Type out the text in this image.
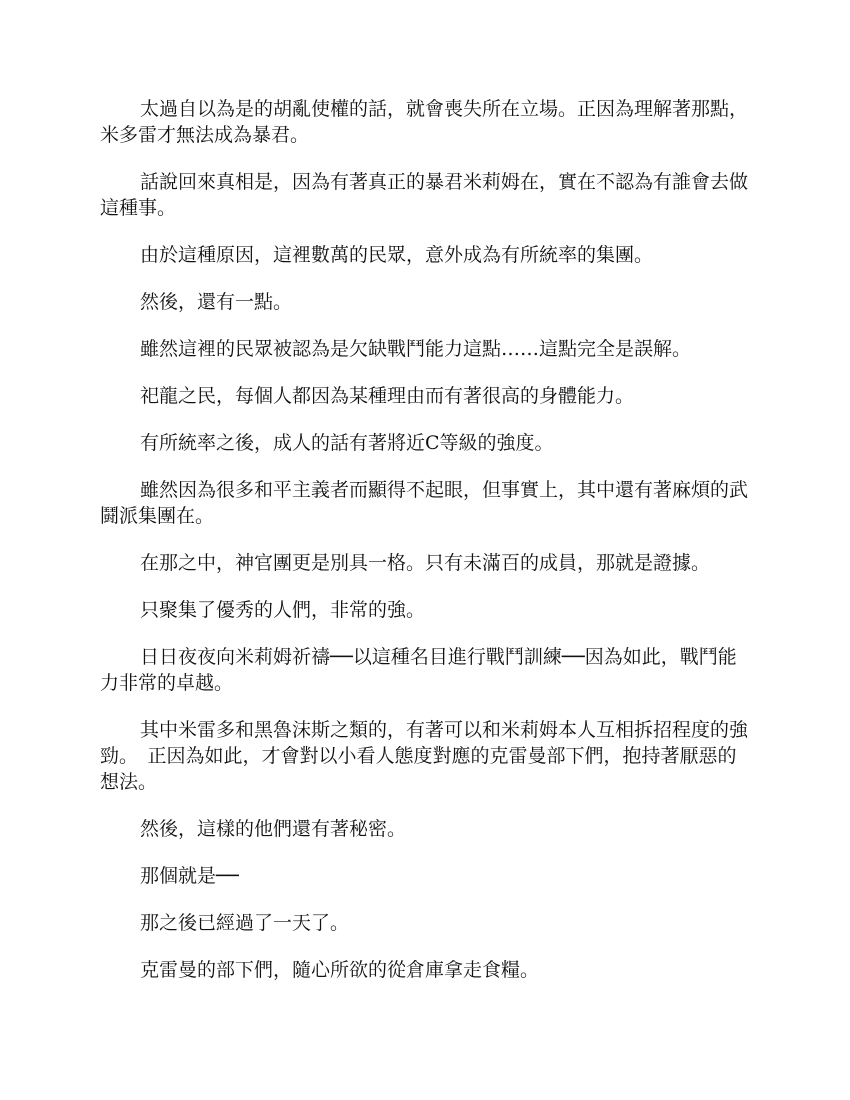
太過自以為是的胡亂使權的話，就會喪失所在立場。正因為理解著那點，米多雷才無法成為暴君。

話說回來真相是，因為有著真正的暴君米莉姆在，實在不認為有誰會去做這種事。

由於這種原因，這裡數萬的民眾，意外成為有所統率的集團。

然後，還有一點。

雖然這裡的民眾被認為是欠缺戰鬥能力這點……這點完全是誤解。

祀龍之民，每個人都因為某種理由而有著很高的身體能力。

有所統率之後，成人的話有著將近C等級的強度。

雖然因為很多和平主義者而顯得不起眼，但事實上，其中還有著麻煩的武鬪派集團在。

在那之中，神官團更是別具一格。只有未滿百的成員，那就是證據。

只聚集了優秀的人們，非常的強。

日日夜夜向米莉姆祈禱──以這種名目進行戰鬥訓練──因為如此，戰鬥能力非常的卓越。

其中米雷多和黑魯沫斯之類的，有著可以和米莉姆本人互相拆招程度的強勁。　正因為如此，才會對以小看人態度對應的克雷曼部下們，抱持著厭惡的想法。

然後，這樣的他們還有著秘密。

那個就是──

那之後已經過了一天了。

克雷曼的部下們，隨心所欲的從倉庫拿走食糧。
